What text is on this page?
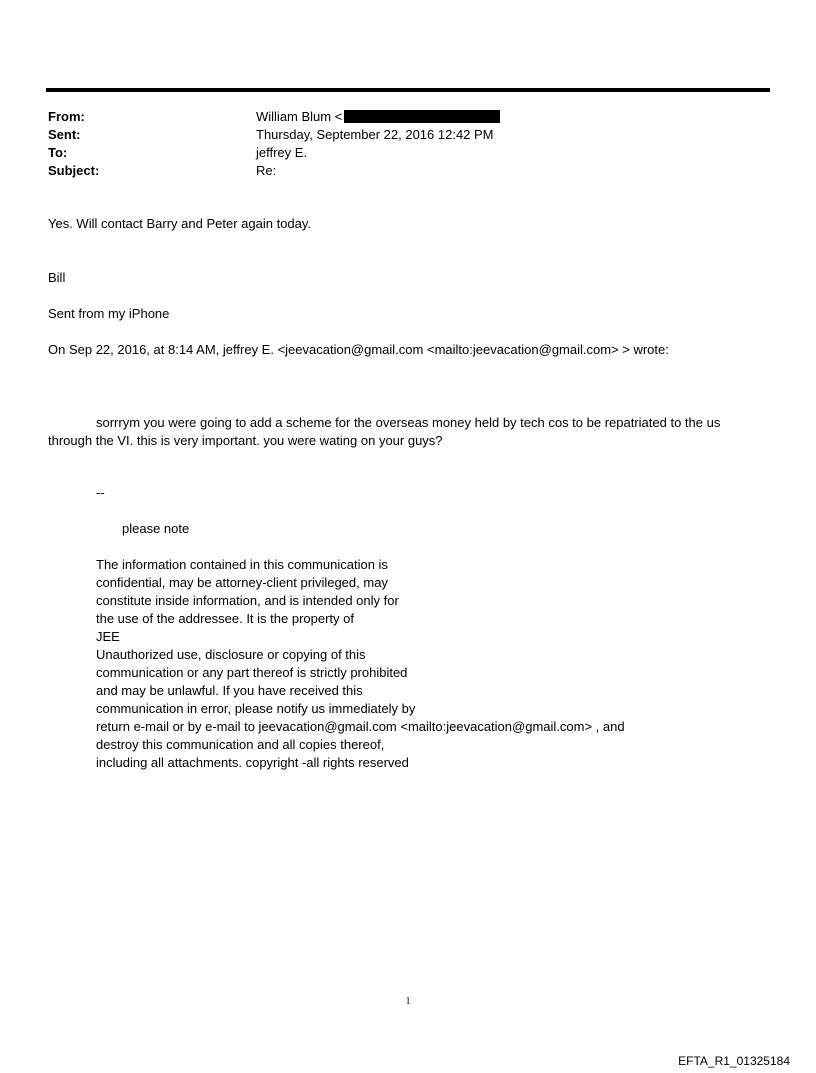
From:	William Blum <
Sent:	Thursday, September 22, 2016 12:42 PM
To:	jeffrey E.
Subject:	Re:
Yes. Will contact Barry and Peter again today.
Bill
Sent from my iPhone
On Sep 22, 2016, at 8:14 AM, jeffrey E. <jeevacation@gmail.com <mailto:jeevacation@gmail.com> > wrote:
sorrrym you were going to add a scheme for the overseas money held by tech cos to be repatriated to the us
through the VI. this is very important. you were wating on your guys?
--
please note
The information contained in this communication is
confidential, may be attorney-client privileged, may
constitute inside information, and is intended only for
the use of the addressee. It is the property of
JEE
Unauthorized use, disclosure or copying of this
communication or any part thereof is strictly prohibited
and may be unlawful. If you have received this
communication in error, please notify us immediately by
return e-mail or by e-mail to jeevacation@gmail.com <mailto:jeevacation@gmail.com> , and
destroy this communication and all copies thereof,
including all attachments. copyright -all rights reserved
1
EFTA_R1_01325184
